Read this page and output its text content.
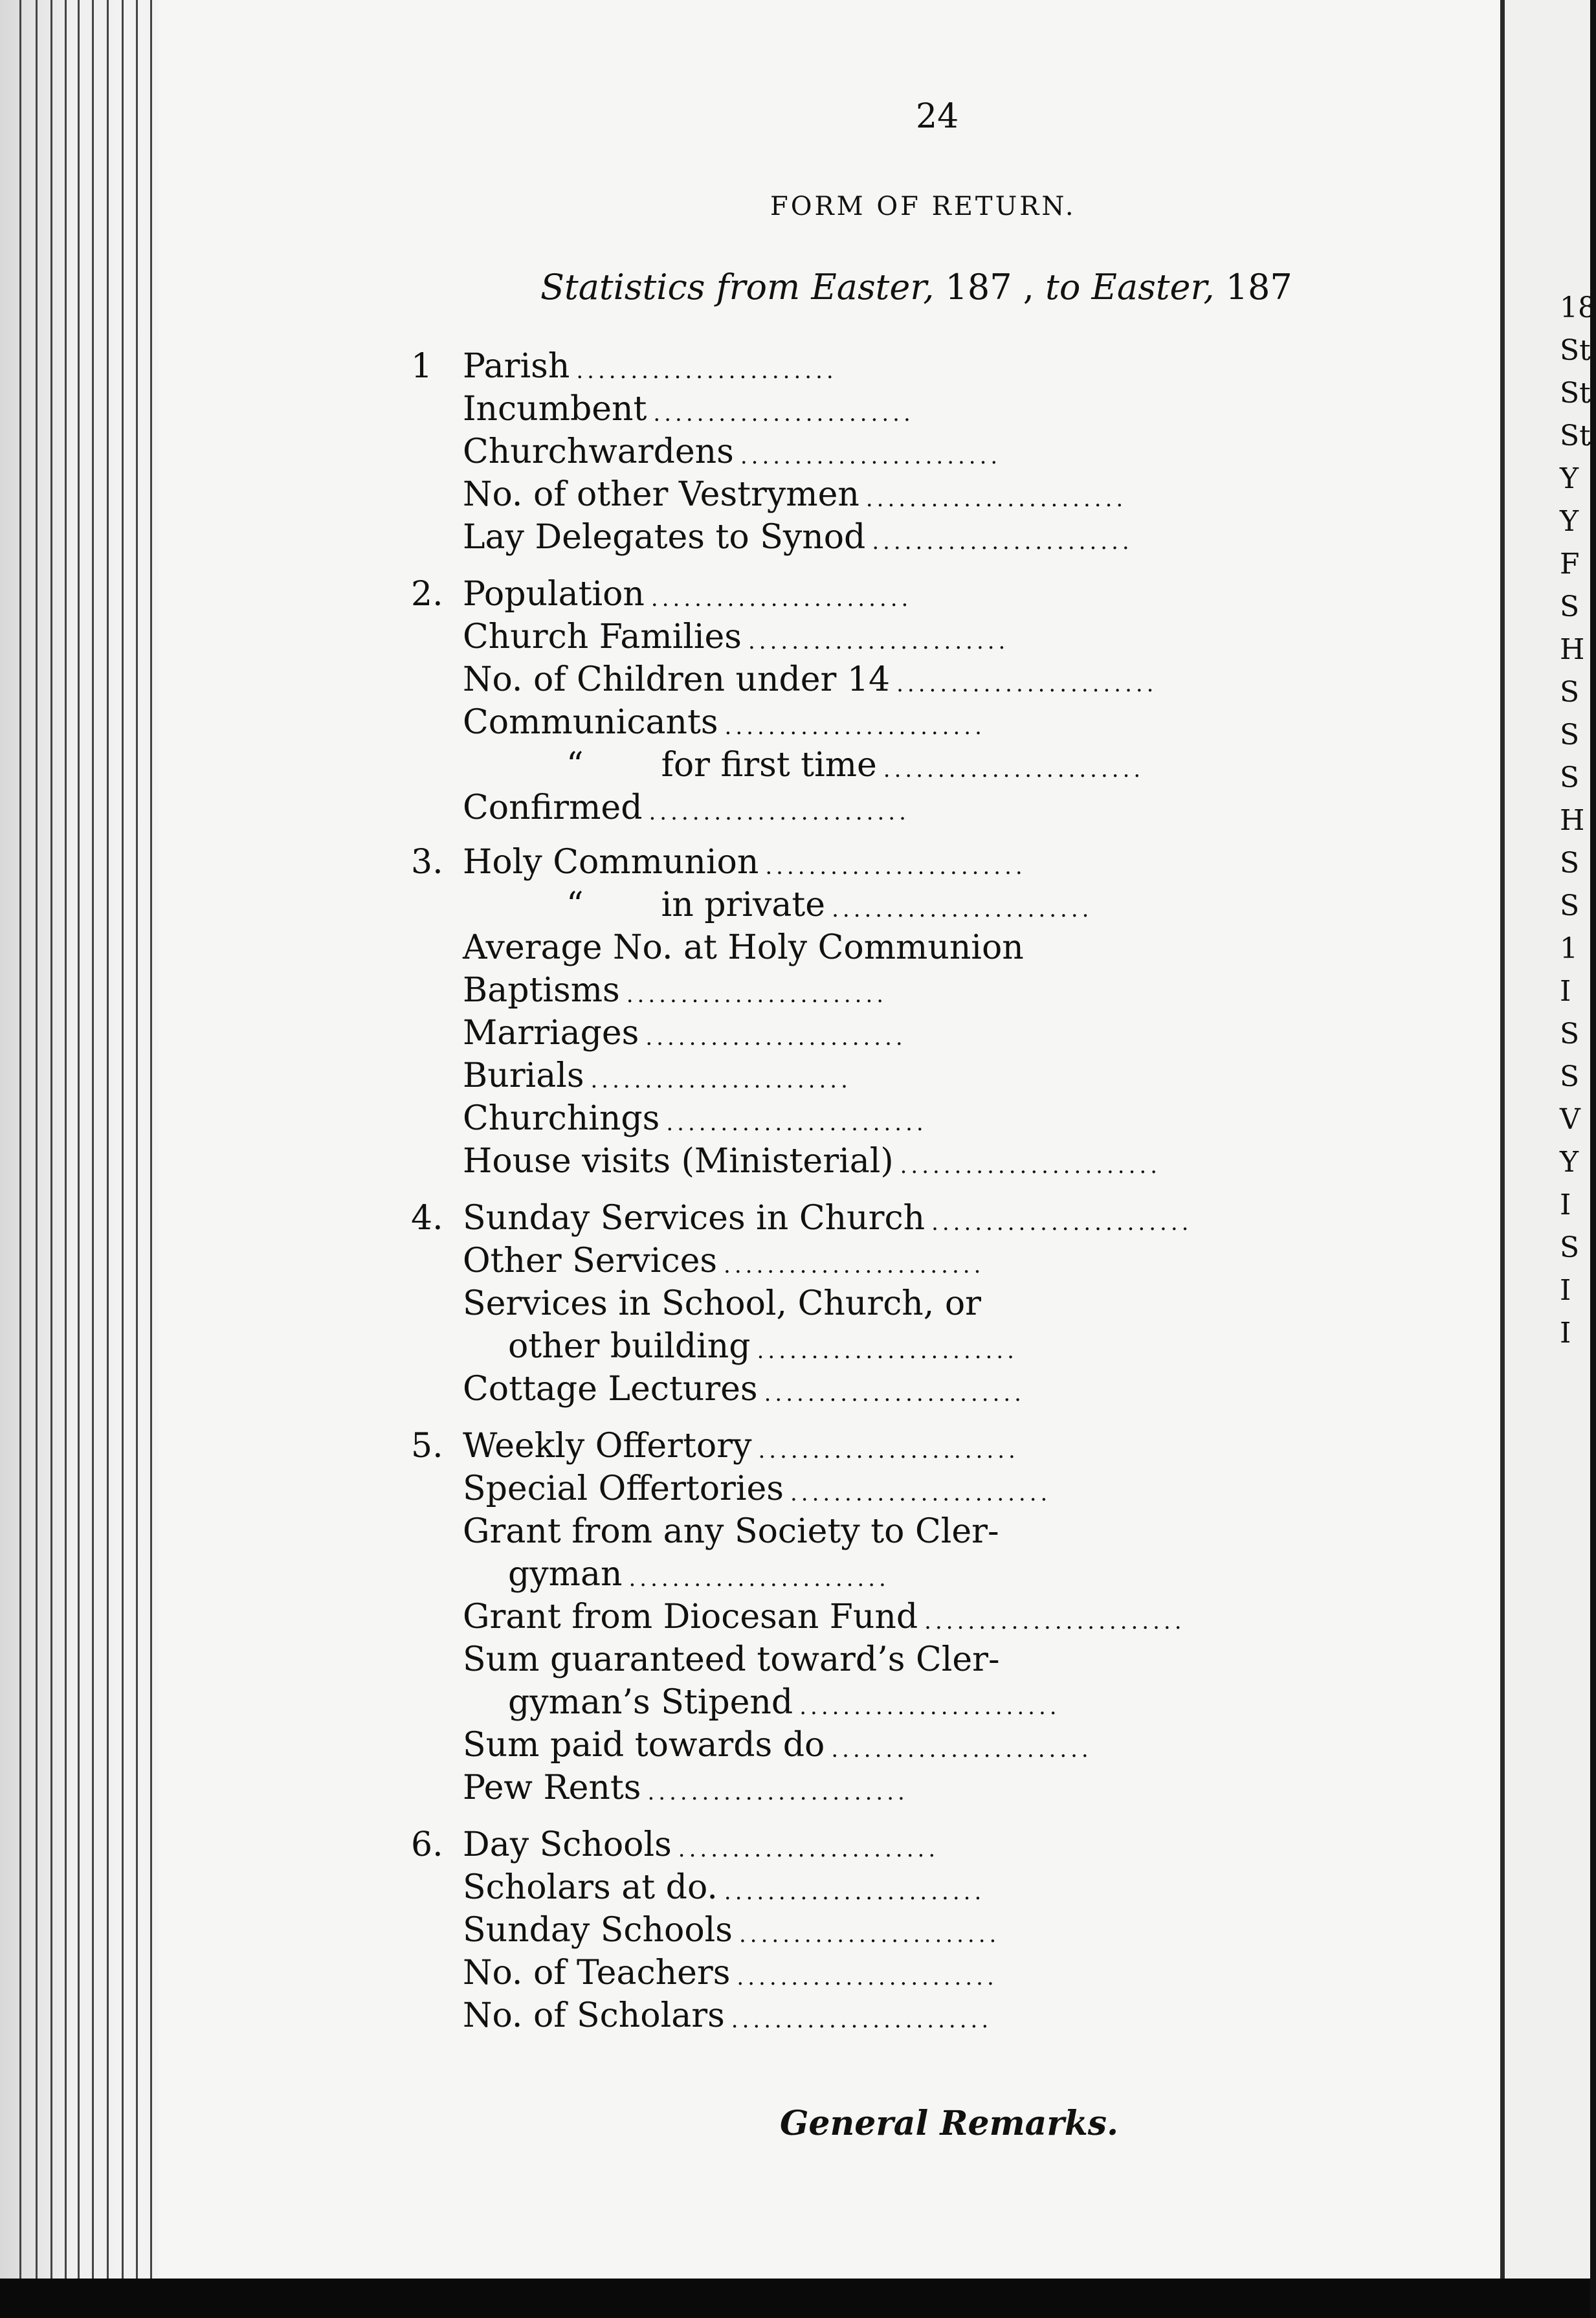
18
St
St
St
Y
Y
F
S
H
S
S
S
H
S
S
1
I
S
S
V
Y
I
S
I
I
24
FORM OF RETURN.
Statistics from Easter, 187 , to Easter, 187
1 Parish ........................
Incumbent ........................
Churchwardens ........................
No. of other Vestrymen ........................
Lay Delegates to Synod ........................
2. Population ........................
Church Families ........................
No. of Children under 14 ........................
Communicants ........................
“ for first time ........................
Confirmed ........................
3. Holy Communion ........................
“ in private ........................
Average No. at Holy Communion
Baptisms ........................
Marriages ........................
Burials ........................
Churchings ........................
House visits (Ministerial) ........................
4. Sunday Services in Church ........................
Other Services ........................
Services in School, Church, or
other building ........................
Cottage Lectures ........................
5. Weekly Offertory ........................
Special Offertories ........................
Grant from any Society to Cler-
gyman ........................
Grant from Diocesan Fund ........................
Sum guaranteed toward’s Cler-
gyman’s Stipend ........................
Sum paid towards do ........................
Pew Rents ........................
6. Day Schools ........................
Scholars at do. ........................
Sunday Schools ........................
No. of Teachers ........................
No. of Scholars ........................
General Remarks.
